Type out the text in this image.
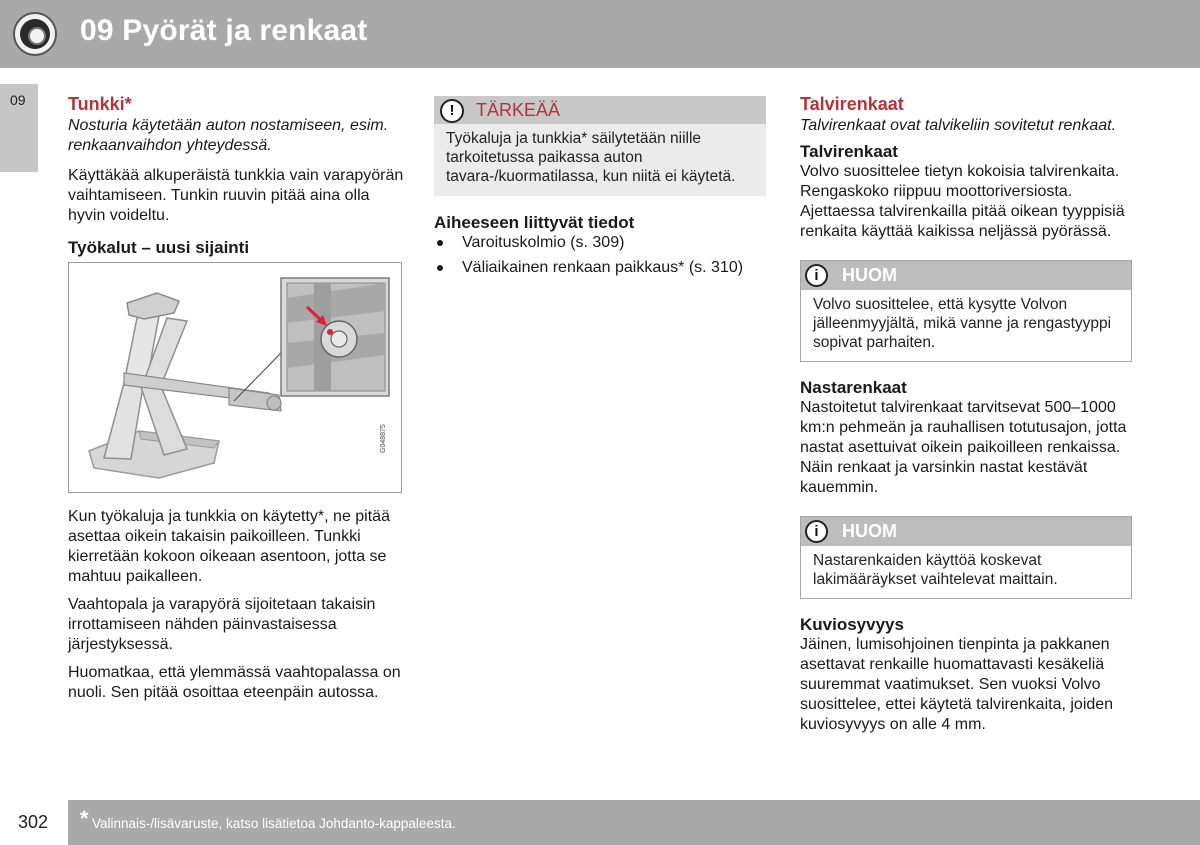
09 Pyörät ja renkaat
09 Tunkki*

Nosturia käytetään auton nostamiseen, esim. renkaanvaihdon yhteydessä.

Käyttäkää alkuperäistä tunkkia vain varapyörän vaihtamiseen. Tunkin ruuvin pitää aina olla hyvin voideltu.

Työkalut – uusi sijainti
G048875

Kun työkaluja ja tunkkia on käytetty*, ne pitää asettaa oikein takaisin paikoilleen. Tunkki kierretään kokoon oikeaan asentoon, jotta se mahtuu paikalleen.

Vaahtopala ja varapyörä sijoitetaan takaisin irrottamiseen nähden päinvastaisessa järjestyksessä.

Huomatkaa, että ylemmässä vaahtopalassa on nuoli. Sen pitää osoittaa eteenpäin autossa.

!	TÄRKEÄÄ
Työkaluja ja tunkkia* säilytetään niille tarkoitetussa paikassa auton tavara-/kuormatilassa, kun niitä ei käytetä.
Aiheeseen liittyvät tiedot
Varoituskolmio (s. 309)
Väliaikainen renkaan paikkaus* (s. 310)
Talvirenkaat

Talvirenkaat ovat talvikeliin sovitetut renkaat.

Talvirenkaat

Volvo suosittelee tietyn kokoisia talvirenkaita. Rengaskoko riippuu moottoriversiosta. Ajettaessa talvirenkailla pitää oikean tyyppisiä renkaita käyttää kaikissa neljässä pyörässä.

i	HUOM
Volvo suosittelee, että kysytte Volvon jälleenmyyjältä, mikä vanne ja rengastyyppi sopivat parhaiten.
Nastarenkaat

Nastoitetut talvirenkaat tarvitsevat 500–1000 km:n pehmeän ja rauhallisen totutusajon, jotta nastat asettuivat oikein paikoilleen renkaissa. Näin renkaat ja varsinkin nastat kestävät kauemmin.

i	HUOM
Nastarenkaiden käyttöä koskevat lakimääräykset vaihtelevat maittain.
Kuviosyvyys

Jäinen, lumisohjoinen tienpinta ja pakkanen asettavat renkaille huomattavasti kesäkeliä suuremmat vaatimukset. Sen vuoksi Volvo suosittelee, ettei käytetä talvirenkaita, joiden kuviosyvyys on alle 4 mm.

302 * Valinnais-/lisävaruste, katso lisätietoa Johdanto-kappaleesta.
